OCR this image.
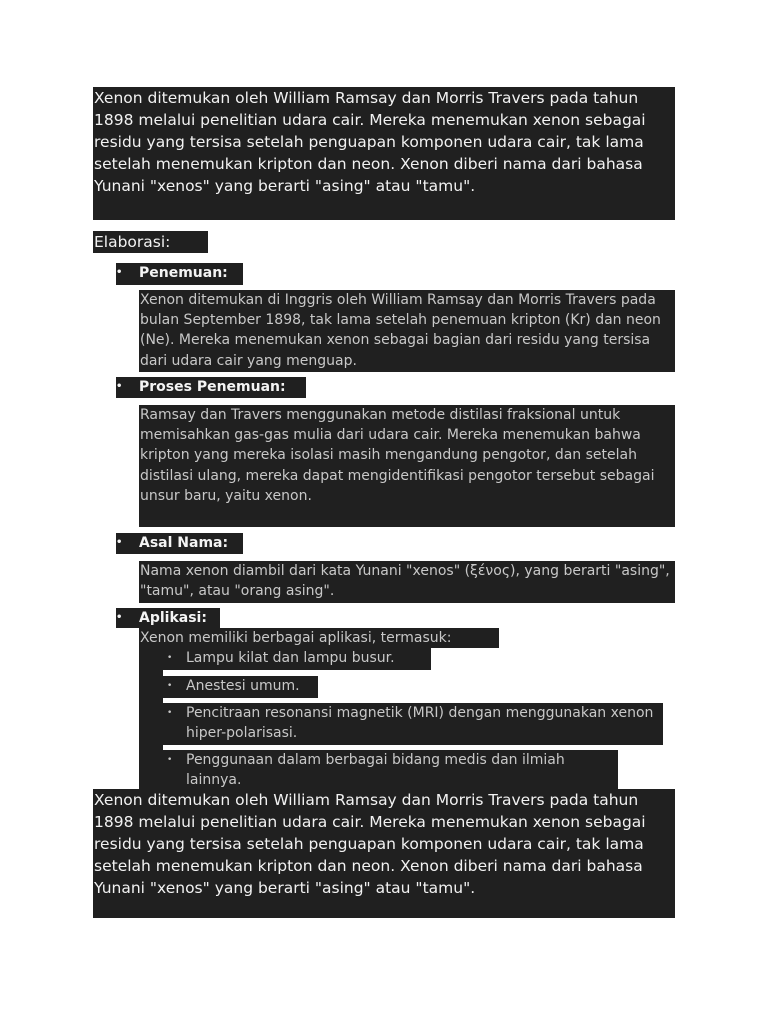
Xenon ditemukan oleh William Ramsay dan Morris Travers pada tahun 1898 melalui penelitian udara cair. Mereka menemukan xenon sebagai residu yang tersisa setelah penguapan komponen udara cair, tak lama setelah menemukan kripton dan neon. Xenon diberi nama dari bahasa Yunani "xenos" yang berarti "asing" atau "tamu".

Elaborasi:
• Penemuan:

Xenon ditemukan di Inggris oleh William Ramsay dan Morris Travers pada bulan September 1898, tak lama setelah penemuan kripton (Kr) dan neon (Ne). Mereka menemukan xenon sebagai bagian dari residu yang tersisa dari udara cair yang menguap.

• Proses Penemuan:

Ramsay dan Travers menggunakan metode distilasi fraksional untuk memisahkan gas-gas mulia dari udara cair. Mereka menemukan bahwa kripton yang mereka isolasi masih mengandung pengotor, dan setelah distilasi ulang, mereka dapat mengidentifikasi pengotor tersebut sebagai unsur baru, yaitu xenon.

• Asal Nama:

Nama xenon diambil dari kata Yunani "xenos" (ξένος), yang berarti "asing", "tamu", atau "orang asing".

• Aplikasi:
Xenon memiliki berbagai aplikasi, termasuk:
• Lampu kilat dan lampu busur.
• Anestesi umum.
• Pencitraan resonansi magnetik (MRI) dengan menggunakan xenon hiper-polarisasi.
• Penggunaan dalam berbagai bidang medis dan ilmiah lainnya.

Xenon ditemukan oleh William Ramsay dan Morris Travers pada tahun 1898 melalui penelitian udara cair. Mereka menemukan xenon sebagai residu yang tersisa setelah penguapan komponen udara cair, tak lama setelah menemukan kripton dan neon. Xenon diberi nama dari bahasa Yunani "xenos" yang berarti "asing" atau "tamu".
